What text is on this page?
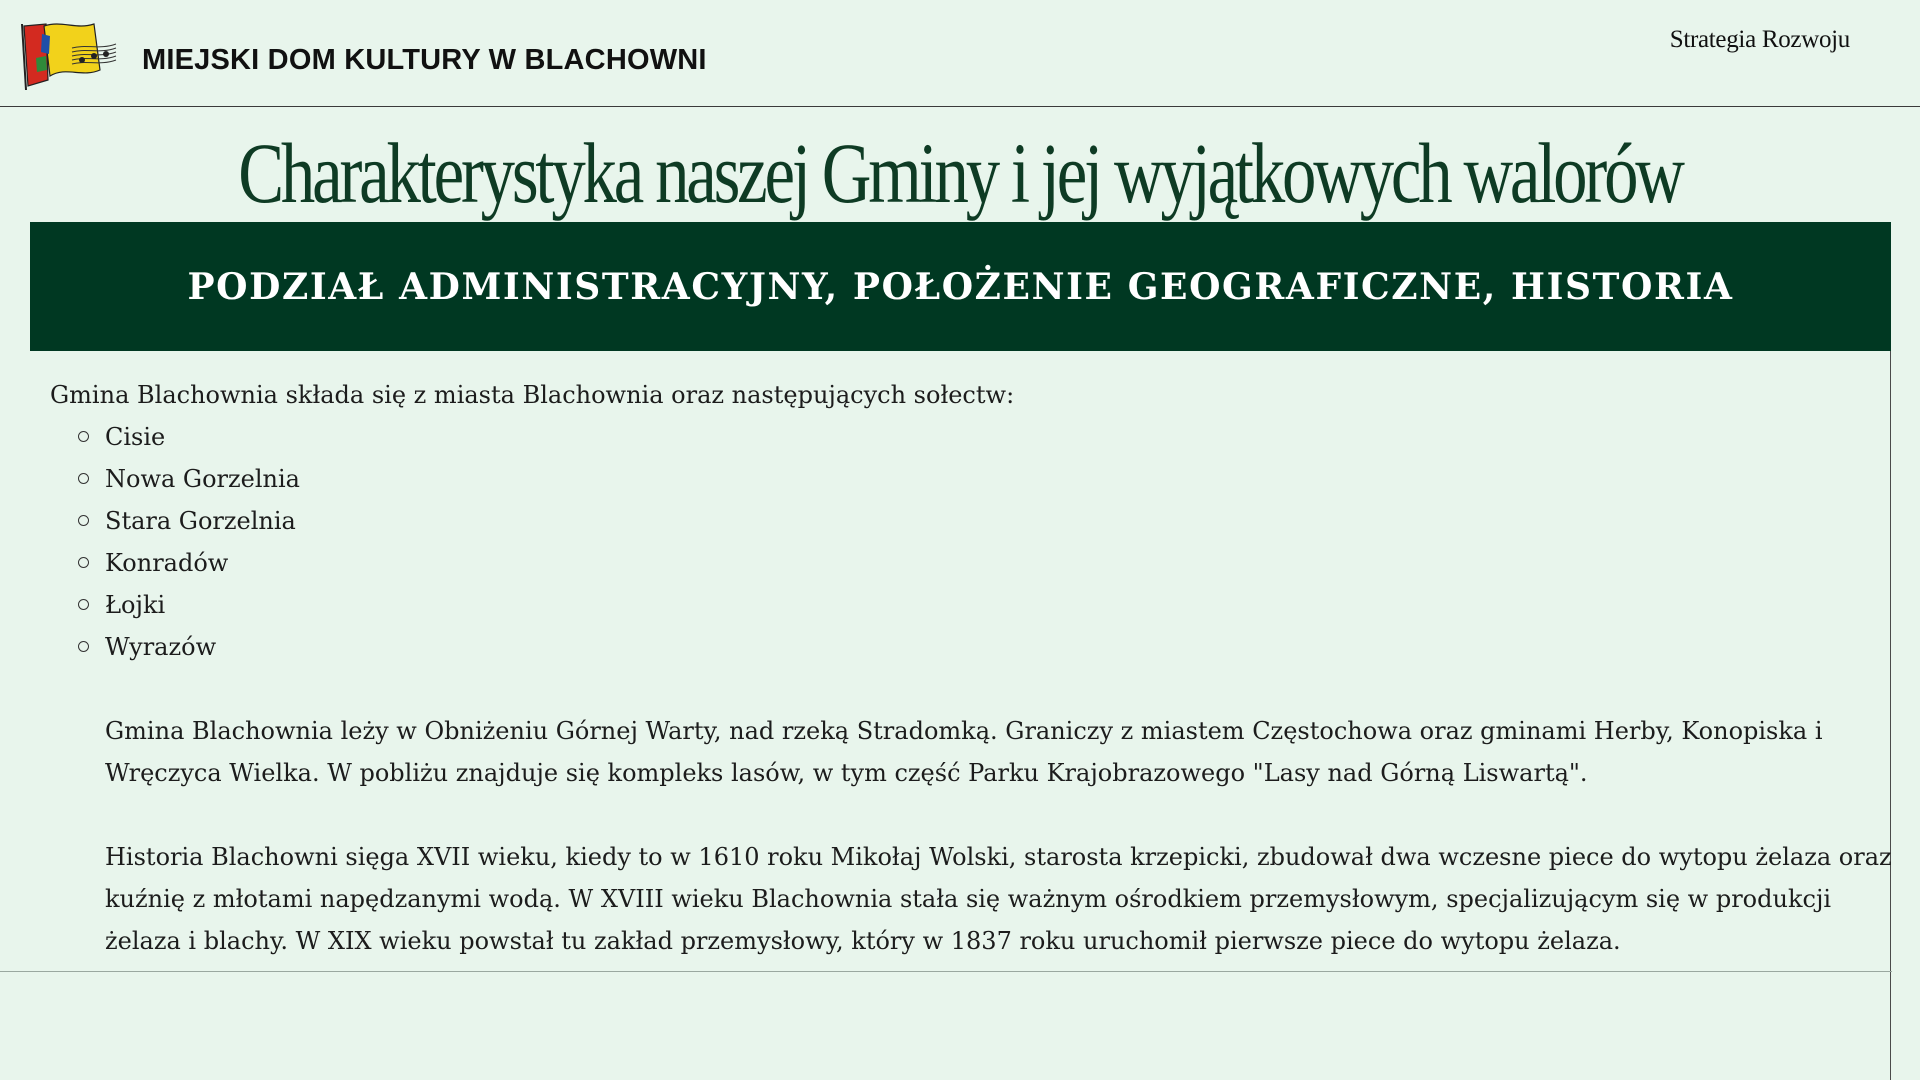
MIEJSKI DOM KULTURY W BLACHOWNI
Strategia Rozwoju
Charakterystyka naszej Gminy i jej wyjątkowych walorów
PODZIAŁ ADMINISTRACYJNY, POŁOŻENIE GEOGRAFICZNE, HISTORIA

Gmina Blachownia składa się z miasta Blachownia oraz następujących sołectw:

Cisie
Nowa Gorzelnia
Stara Gorzelnia
Konradów
Łojki
Wyrazów

Gmina Blachownia leży w Obniżeniu Górnej Warty, nad rzeką Stradomką. Graniczy z miastem Częstochowa oraz gminami Herby, Konopiska i Wręczyca Wielka. W pobliżu znajduje się kompleks lasów, w tym część Parku Krajobrazowego "Lasy nad Górną Liswartą".

Historia Blachowni sięga XVII wieku, kiedy to w 1610 roku Mikołaj Wolski, starosta krzepicki, zbudował dwa wczesne piece do wytopu żelaza oraz kuźnię z młotami napędzanymi wodą. W XVIII wieku Blachownia stała się ważnym ośrodkiem przemysłowym, specjalizującym się w produkcji żelaza i blachy. W XIX wieku powstał tu zakład przemysłowy, który w 1837 roku uruchomił pierwsze piece do wytopu żelaza.
